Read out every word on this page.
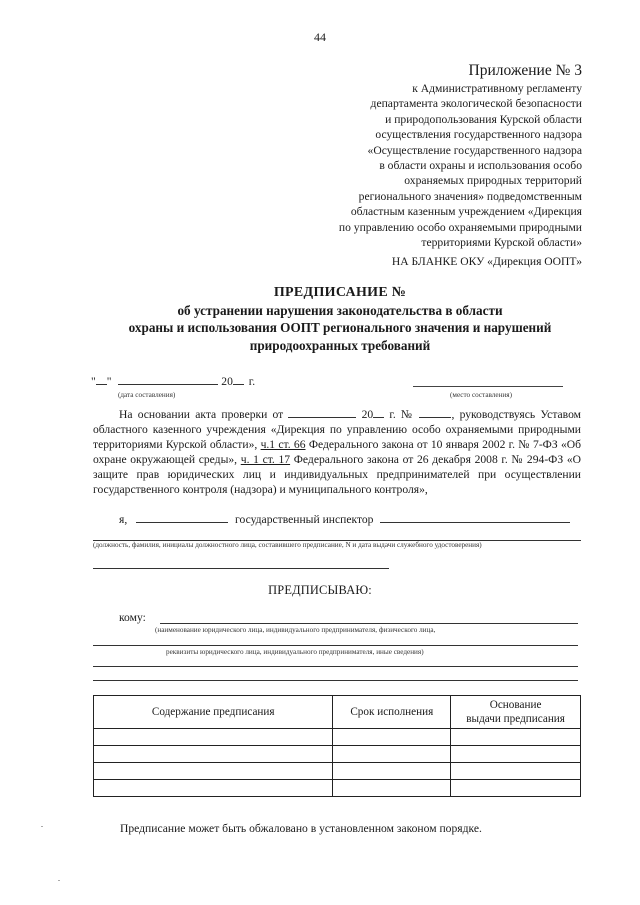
44
Приложение № 3
к Административному регламенту
департамента экологической безопасности
и природопользования Курской области
осуществления государственного надзора
«Осуществление государственного надзора
в области охраны и использования особо
охраняемых природных территорий
регионального значения» подведомственным
областным казенным учреждением «Дирекция
по управлению особо охраняемыми природными
территориями Курской области»
НА БЛАНКЕ ОКУ «Дирекция ООПТ»
ПРЕДПИСАНИЕ №
об устранении нарушения законодательства в области
охраны и использования ООПТ регионального значения и нарушений
природоохранных требований
" "	20 г.
(дата составления)	(место составления)
На основании акта проверки от	20 г. №	, руководствуясь Уставом областного казенного учреждения «Дирекция по управлению особо охраняемыми природными территориями Курской области», ч.1 ст. 66 Федерального закона от 10 января 2002 г. № 7-ФЗ «Об охране окружающей среды», ч. 1 ст. 17 Федерального закона от 26 декабря 2008 г. № 294-ФЗ «О защите прав юридических лиц и индивидуальных предпринимателей при осуществлении государственного контроля (надзора) и муниципального контроля»,
я,	государственный инспектор
(должность, фамилия, инициалы должностного лица, составившего предписание, N и дата выдачи служебного удостоверения)
ПРЕДПИСЫВАЮ:
кому:
(наименование юридического лица, индивидуального предпринимателя, физического лица,
реквизиты юридического лица, индивидуального предпринимателя, иные сведения)
Содержание предписания	Срок исполнения	Основание
выдачи предписания

Предписание может быть обжаловано в установленном законом порядке.
